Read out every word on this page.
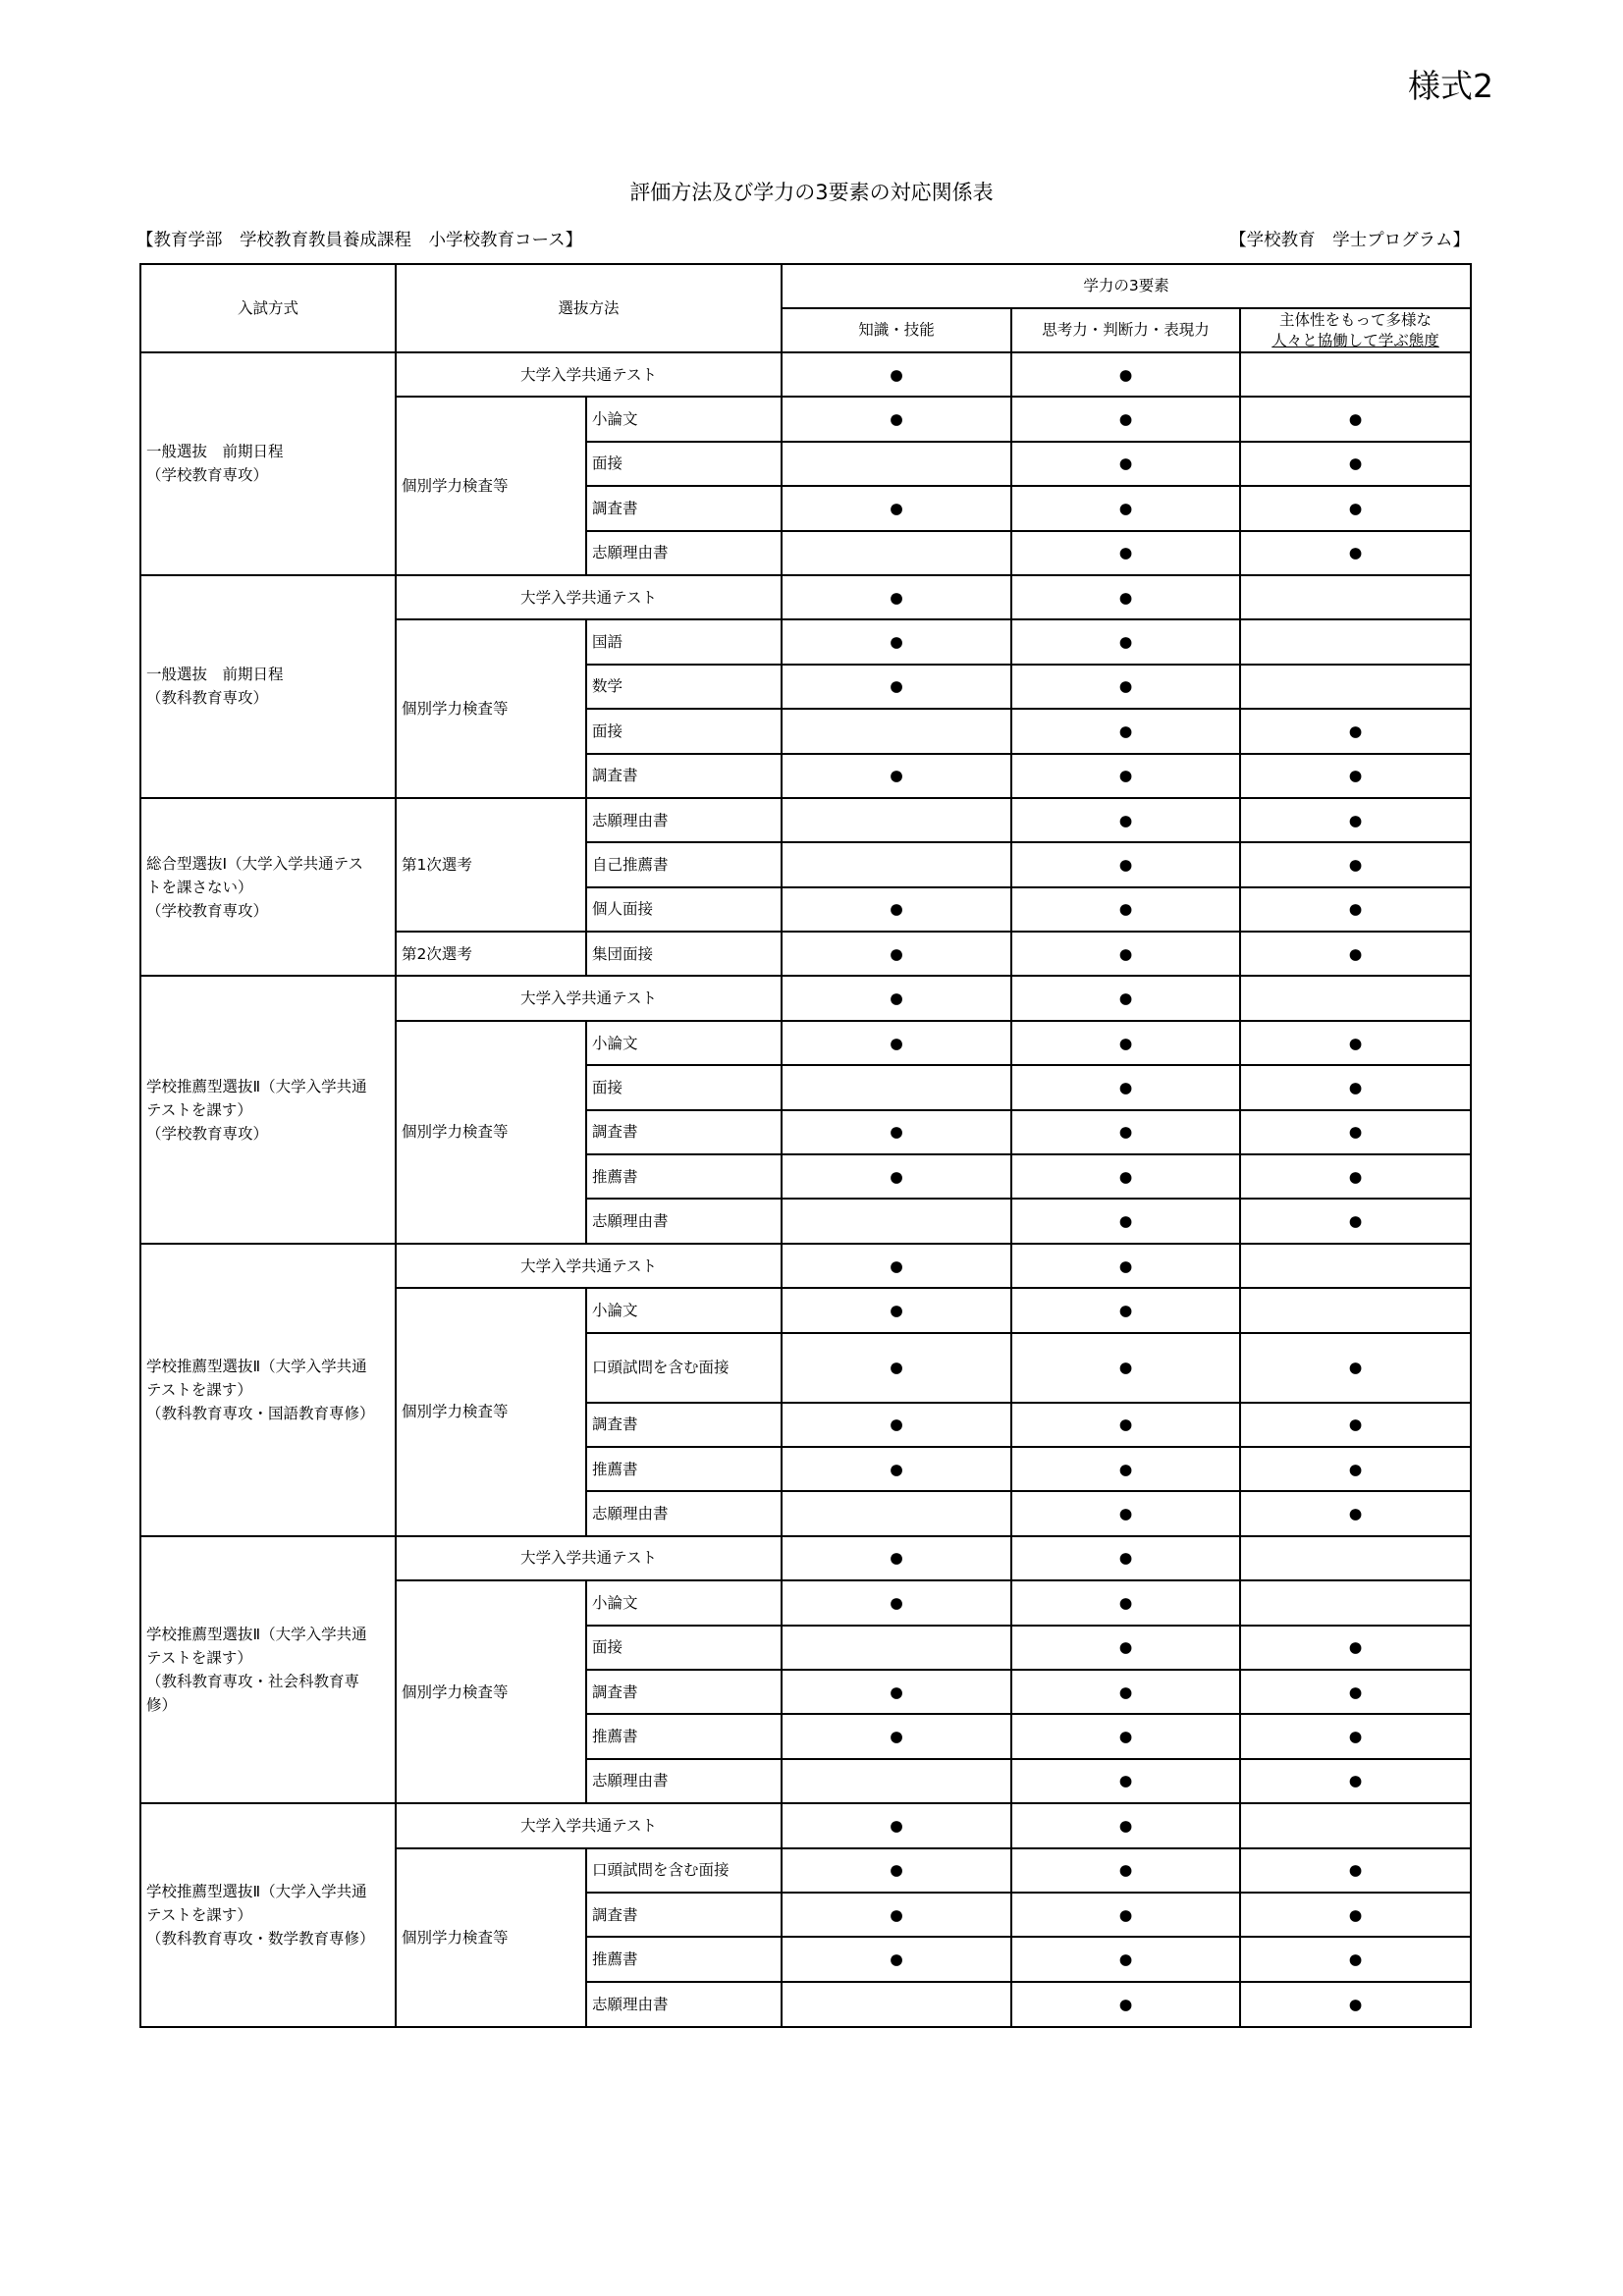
様式2
評価方法及び学力の3要素の対応関係表
【教育学部　学校教育教員養成課程　小学校教育コース】	【学校教育　学士プログラム】
入試方式	選抜方法		学力の3要素		
			知識・技能	思考力・判断力・表現力	主体性をもって多様な
人々と協働して学ぶ態度
一般選抜　前期日程
（学校教育専攻）	大学入学共通テスト		●	●	
	個別学力検査等	小論文	●	●	●
		面接		●	●
		調査書	●	●	●
		志願理由書		●	●
一般選抜　前期日程
（教科教育専攻）	大学入学共通テスト		●	●	
	個別学力検査等	国語	●	●	
		数学	●	●	
		面接		●	●
		調査書	●	●	●
総合型選抜Ⅰ（大学入学共通テス
トを課さない）
（学校教育専攻）	第1次選考	志願理由書		●	●
		自己推薦書		●	●
		個人面接	●	●	●
	第2次選考	集団面接	●	●	●
学校推薦型選抜Ⅱ（大学入学共通
テストを課す）
（学校教育専攻）	大学入学共通テスト		●	●	
	個別学力検査等	小論文	●	●	●
		面接		●	●
		調査書	●	●	●
		推薦書	●	●	●
		志願理由書		●	●
学校推薦型選抜Ⅱ（大学入学共通
テストを課す）
（教科教育専攻・国語教育専修）	大学入学共通テスト		●	●	
	個別学力検査等	小論文	●	●	
		口頭試問を含む面接	●	●	●
		調査書	●	●	●
		推薦書	●	●	●
		志願理由書		●	●
学校推薦型選抜Ⅱ（大学入学共通
テストを課す）
（教科教育専攻・社会科教育専
修）	大学入学共通テスト		●	●	
	個別学力検査等	小論文	●	●	
		面接		●	●
		調査書	●	●	●
		推薦書	●	●	●
		志願理由書		●	●
学校推薦型選抜Ⅱ（大学入学共通
テストを課す）
（教科教育専攻・数学教育専修）	大学入学共通テスト		●	●	
	個別学力検査等	口頭試問を含む面接	●	●	●
		調査書	●	●	●
		推薦書	●	●	●
		志願理由書		●	●
